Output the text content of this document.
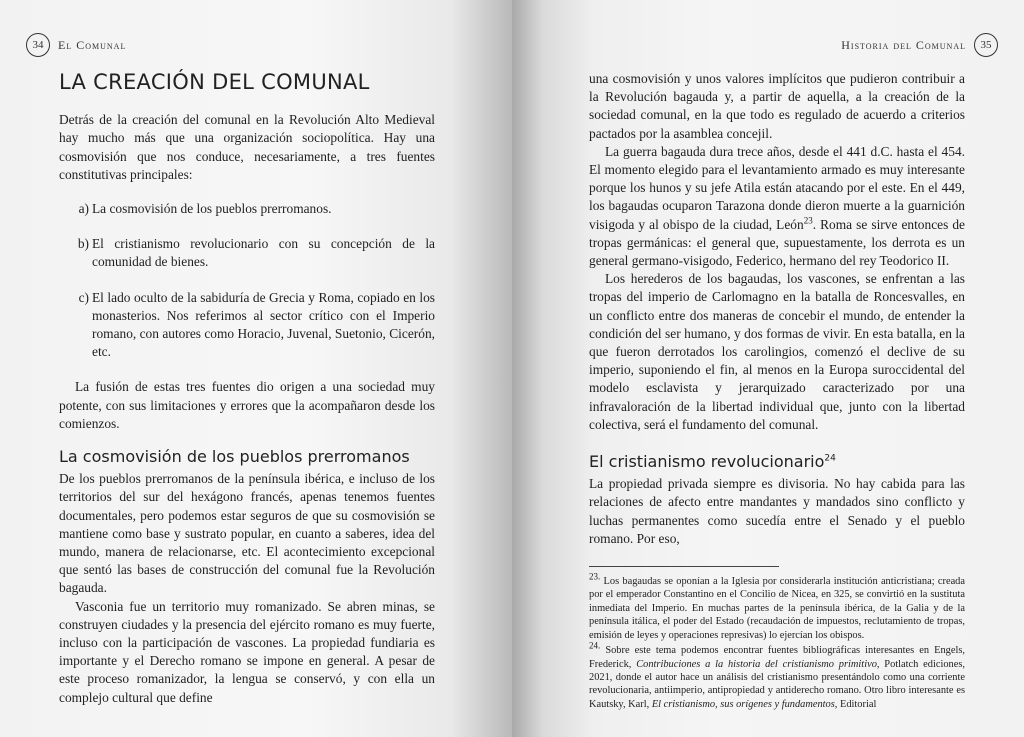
34	El Comunal
LA CREACIÓN DEL COMUNAL

Detrás de la creación del comunal en la Revolución Alto Medieval hay mucho más que una organización sociopolítica. Hay una cosmovisión que nos conduce, necesariamente, a tres fuentes constitutivas principales:

a) La cosmovisión de los pueblos prerromanos.
b) El cristianismo revolucionario con su concepción de la comunidad de bienes.
c) El lado oculto de la sabiduría de Grecia y Roma, copiado en los monasterios. Nos referimos al sector crítico con el Imperio romano, con autores como Horacio, Juvenal, Suetonio, Cicerón, etc.

La fusión de estas tres fuentes dio origen a una sociedad muy potente, con sus limitaciones y errores que la acompañaron desde los comienzos.

La cosmovisión de los pueblos prerromanos

De los pueblos prerromanos de la península ibérica, e incluso de los territorios del sur del hexágono francés, apenas tenemos fuentes documentales, pero podemos estar seguros de que su cosmovisión se mantiene como base y sustrato popular, en cuanto a saberes, idea del mundo, manera de relacionarse, etc. El acontecimiento excepcional que sentó las bases de construcción del comunal fue la Revolución bagauda.

Vasconia fue un territorio muy romanizado. Se abren minas, se construyen ciudades y la presencia del ejército romano es muy fuerte, incluso con la participación de vascones. La propiedad fundiaria es importante y el Derecho romano se impone en general. A pesar de este proceso romanizador, la lengua se conservó, y con ella un complejo cultural que define

Historia del Comunal	35

una cosmovisión y unos valores implícitos que pudieron contribuir a la Revolución bagauda y, a partir de aquella, a la creación de la sociedad comunal, en la que todo es regulado de acuerdo a criterios pactados por la asamblea concejil.

La guerra bagauda dura trece años, desde el 441 d.C. hasta el 454. El momento elegido para el levantamiento armado es muy interesante porque los hunos y su jefe Atila están atacando por el este. En el 449, los bagaudas ocuparon Tarazona donde dieron muerte a la guarnición visigoda y al obispo de la ciudad, León$^{23}$. Roma se sirve entonces de tropas germánicas: el general que, supuestamente, los derrota es un general germano-visigodo, Federico, hermano del rey Teodorico II.

Los herederos de los bagaudas, los vascones, se enfrentan a las tropas del imperio de Carlomagno en la batalla de Roncesvalles, en un conflicto entre dos maneras de concebir el mundo, de entender la condición del ser humano, y dos formas de vivir. En esta batalla, en la que fueron derrotados los carolingios, comenzó el declive de su imperio, suponiendo el fin, al menos en la Europa suroccidental del modelo esclavista y jerarquizado caracterizado por una infravaloración de la libertad individual que, junto con la libertad colectiva, será el fundamento del comunal.

El cristianismo revolucionario$^{24}$

La propiedad privada siempre es divisoria. No hay cabida para las relaciones de afecto entre mandantes y mandados sino conflicto y luchas permanentes como sucedía entre el Senado y el pueblo romano. Por eso,

$^{23.}$ Los bagaudas se oponían a la Iglesia por considerarla institución anticristiana; creada por el emperador Constantino en el Concilio de Nicea, en 325, se convirtió en la sustituta inmediata del Imperio. En muchas partes de la península ibérica, de la Galia y de la península itálica, el poder del Estado (recaudación de impuestos, reclutamiento de tropas, emisión de leyes y operaciones represivas) lo ejercían los obispos.

$^{24.}$ Sobre este tema podemos encontrar fuentes bibliográficas interesantes en Engels, Frederick, Contribuciones a la historia del cristianismo primitivo, Potlatch ediciones, 2021, donde el autor hace un análisis del cristianismo presentándolo como una corriente revolucionaria, antiimperio, antipropiedad y antiderecho romano. Otro libro interesante es Kautsky, Karl, El cristianismo, sus orígenes y fundamentos, Editorial
